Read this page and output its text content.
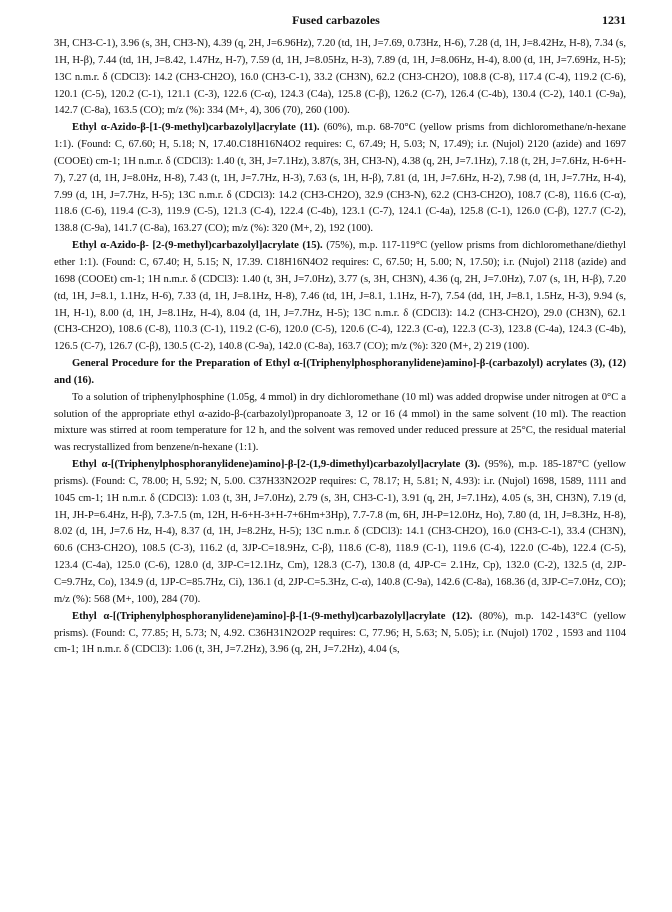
Fused carbazoles	1231

3H, CH3-C-1), 3.96 (s, 3H, CH3-N), 4.39 (q, 2H, J=6.96Hz), 7.20 (td, 1H, J=7.69, 0.73Hz, H-6), 7.28 (d, 1H, J=8.42Hz, H-8), 7.34 (s, 1H, H-β), 7.44 (td, 1H, J=8.42, 1.47Hz, H-7), 7.59 (d, 1H, J=8.05Hz, H-3), 7.89 (d, 1H, J=8.06Hz, H-4), 8.00 (d, 1H, J=7.69Hz, H-5); 13C n.m.r. δ (CDCl3): 14.2 (CH3-CH2O), 16.0 (CH3-C-1), 33.2 (CH3N), 62.2 (CH3-CH2O), 108.8 (C-8), 117.4 (C-4), 119.2 (C-6), 120.1 (C-5), 120.2 (C-1), 121.1 (C-3), 122.6 (C-α), 124.3 (C4a), 125.8 (C-β), 126.2 (C-7), 126.4 (C-4b), 130.4 (C-2), 140.1 (C-9a), 142.7 (C-8a), 163.5 (CO); m/z (%): 334 (M+, 4), 306 (70), 260 (100).

Ethyl α-Azido-β-[1-(9-methyl)carbazolyl]acrylate (11). (60%), m.p. 68-70°C (yellow prisms from dichloromethane/n-hexane 1:1). (Found: C, 67.60; H, 5.18; N, 17.40.C18H16N4O2 requires: C, 67.49; H, 5.03; N, 17.49); i.r. (Nujol) 2120 (azide) and 1697 (COOEt) cm-1; 1H n.m.r. δ (CDCl3): 1.40 (t, 3H, J=7.1Hz), 3.87(s, 3H, CH3-N), 4.38 (q, 2H, J=7.1Hz), 7.18 (t, 2H, J=7.6Hz, H-6+H-7), 7.27 (d, 1H, J=8.0Hz, H-8), 7.43 (t, 1H, J=7.7Hz, H-3), 7.63 (s, 1H, H-β), 7.81 (d, 1H, J=7.6Hz, H-2), 7.98 (d, 1H, J=7.7Hz, H-4), 7.99 (d, 1H, J=7.7Hz, H-5); 13C n.m.r. δ (CDCl3): 14.2 (CH3-CH2O), 32.9 (CH3-N), 62.2 (CH3-CH2O), 108.7 (C-8), 116.6 (C-α), 118.6 (C-6), 119.4 (C-3), 119.9 (C-5), 121.3 (C-4), 122.4 (C-4b), 123.1 (C-7), 124.1 (C-4a), 125.8 (C-1), 126.0 (C-β), 127.7 (C-2), 138.8 (C-9a), 141.7 (C-8a), 163.27 (CO); m/z (%): 320 (M+, 2), 192 (100).

Ethyl α-Azido-β- [2-(9-methyl)carbazolyl]acrylate (15). (75%), m.p. 117-119°C (yellow prisms from dichloromethane/diethyl ether 1:1). (Found: C, 67.40; H, 5.15; N, 17.39. C18H16N4O2 requires: C, 67.50; H, 5.00; N, 17.50); i.r. (Nujol) 2118 (azide) and 1698 (COOEt) cm-1; 1H n.m.r. δ (CDCl3): 1.40 (t, 3H, J=7.0Hz), 3.77 (s, 3H, CH3N), 4.36 (q, 2H, J=7.0Hz), 7.07 (s, 1H, H-β), 7.20 (td, 1H, J=8.1, 1.1Hz, H-6), 7.33 (d, 1H, J=8.1Hz, H-8), 7.46 (td, 1H, J=8.1, 1.1Hz, H-7), 7.54 (dd, 1H, J=8.1, 1.5Hz, H-3), 9.94 (s, 1H, H-1), 8.00 (d, 1H, J=8.1Hz, H-4), 8.04 (d, 1H, J=7.7Hz, H-5); 13C n.m.r. δ (CDCl3): 14.2 (CH3-CH2O), 29.0 (CH3N), 62.1 (CH3-CH2O), 108.6 (C-8), 110.3 (C-1), 119.2 (C-6), 120.0 (C-5), 120.6 (C-4), 122.3 (C-α), 122.3 (C-3), 123.8 (C-4a), 124.3 (C-4b), 126.5 (C-7), 126.7 (C-β), 130.5 (C-2), 140.8 (C-9a), 142.0 (C-8a), 163.7 (CO); m/z (%): 320 (M+, 2) 219 (100).

General Procedure for the Preparation of Ethyl α-[(Triphenylphosphoranylidene)amino]-β-(carbazolyl) acrylates (3), (12) and (16).

To a solution of triphenylphosphine (1.05g, 4 mmol) in dry dichloromethane (10 ml) was added dropwise under nitrogen at 0°C a solution of the appropriate ethyl α-azido-β-(carbazolyl)propanoate 3, 12 or 16 (4 mmol) in the same solvent (10 ml). The reaction mixture was stirred at room temperature for 12 h, and the solvent was removed under reduced pressure at 25°C, the residual material was recrystallized from benzene/n-hexane (1:1).

Ethyl α-[(Triphenylphosphoranylidene)amino]-β-[2-(1,9-dimethyl)carbazolyl]acrylate (3). (95%), m.p. 185-187°C (yellow prisms). (Found: C, 78.00; H, 5.92; N, 5.00. C37H33N2O2P requires: C, 78.17; H, 5.81; N, 4.93): i.r. (Nujol) 1698, 1589, 1111 and 1045 cm-1; 1H n.m.r. δ (CDCl3): 1.03 (t, 3H, J=7.0Hz), 2.79 (s, 3H, CH3-C-1), 3.91 (q, 2H, J=7.1Hz), 4.05 (s, 3H, CH3N), 7.19 (d, 1H, JH-P=6.4Hz, H-β), 7.3-7.5 (m, 12H, H-6+H-3+H-7+6Hm+3Hp), 7.7-7.8 (m, 6H, JH-P=12.0Hz, Ho), 7.80 (d, 1H, J=8.3Hz, H-8), 8.02 (d, 1H, J=7.6 Hz, H-4), 8.37 (d, 1H, J=8.2Hz, H-5); 13C n.m.r. δ (CDCl3): 14.1 (CH3-CH2O), 16.0 (CH3-C-1), 33.4 (CH3N), 60.6 (CH3-CH2O), 108.5 (C-3), 116.2 (d, 3JP-C=18.9Hz, C-β), 118.6 (C-8), 118.9 (C-1), 119.6 (C-4), 122.0 (C-4b), 122.4 (C-5), 123.4 (C-4a), 125.0 (C-6), 128.0 (d, 3JP-C=12.1Hz, Cm), 128.3 (C-7), 130.8 (d, 4JP-C= 2.1Hz, Cp), 132.0 (C-2), 132.5 (d, 2JP-C=9.7Hz, Co), 134.9 (d, 1JP-C=85.7Hz, Ci), 136.1 (d, 2JP-C=5.3Hz, C-α), 140.8 (C-9a), 142.6 (C-8a), 168.36 (d, 3JP-C=7.0Hz, CO); m/z (%): 568 (M+, 100), 284 (70).

Ethyl α-[(Triphenylphosphoranylidene)amino]-β-[1-(9-methyl)carbazolyl]acrylate (12). (80%), m.p. 142-143°C (yellow prisms). (Found: C, 77.85; H, 5.73; N, 4.92. C36H31N2O2P requires: C, 77.96; H, 5.63; N, 5.05); i.r. (Nujol) 1702 , 1593 and 1104 cm-1; 1H n.m.r. δ (CDCl3): 1.06 (t, 3H, J=7.2Hz), 3.96 (q, 2H, J=7.2Hz), 4.04 (s,
